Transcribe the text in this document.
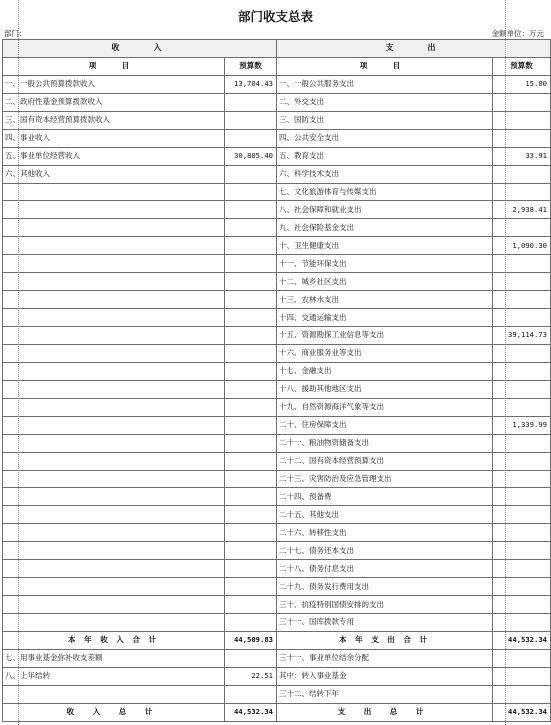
部门收支总表
部门:	金额单位：万元
收　　入		支　　出	
项　目	预算数	项　目	预算数
一、一般公共预算拨款收入	13,704.43	一、一般公共服务支出	15.00
二、政府性基金预算拨款收入		二、外交支出	
三、国有资本经营预算拨款收入		三、国防支出	
四、事业收入		四、公共安全支出	
五、事业单位经营收入	30,805.40	五、教育支出	33.91
六、其他收入		六、科学技术支出	
		七、文化旅游体育与传媒支出	
		八、社会保障和就业支出	2,938.41
		九、社会保险基金支出	
		十、卫生健康支出	1,090.30
		十一、节能环保支出	
		十二、城乡社区支出	
		十三、农林水支出	
		十四、交通运输支出	
		十五、资源勘探工业信息等支出	39,114.73
		十六、商业服务业等支出	
		十七、金融支出	
		十八、援助其他地区支出	
		十九、自然资源海洋气象等支出	
		二十、住房保障支出	1,339.99
		二十一、粮油物资储备支出	
		二十二、国有资本经营预算支出	
		二十三、灾害防治及应急管理支出	
		二十四、预备费	
		二十五、其他支出	
		二十六、转移性支出	
		二十七、债务还本支出	
		二十八、债务付息支出	
		二十九、债务发行费用支出	
		三十、抗疫特别国债安排的支出	
		三十一、国库拨款专用	
本 年 收 入 合 计	44,509.83	本 年 支 出 合 计	44,532.34
七、用事业基金弥补收支差额		三十一、事业单位结余分配	
八、上年结转	22.51	其中：转入事业基金	
		三十二、结转下年	
收 入 总 计	44,532.34	支 出 总 计	44,532.34
